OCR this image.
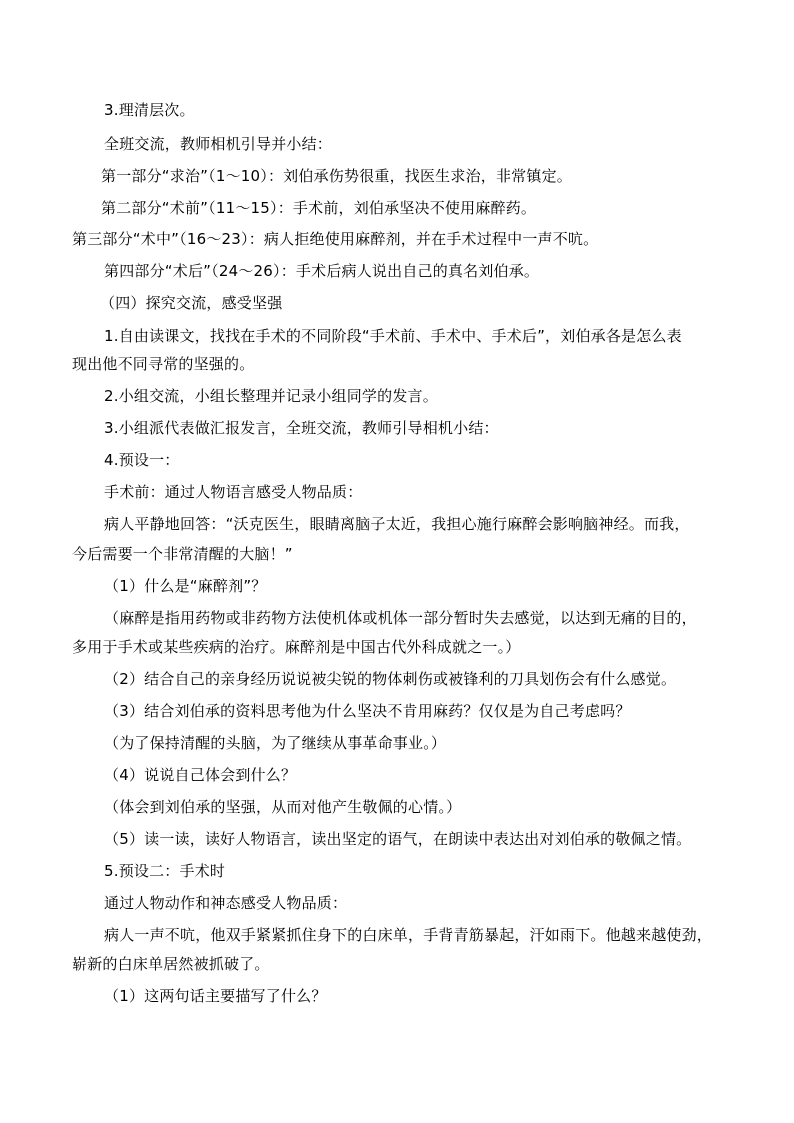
3.理清层次。
全班交流，教师相机引导并小结：
第一部分“求治”（1～10）：刘伯承伤势很重，找医生求治，非常镇定。
第二部分“术前”（11～15）：手术前，刘伯承坚决不使用麻醉药。
第三部分“术中”（16～23）：病人拒绝使用麻醉剂，并在手术过程中一声不吭。
第四部分“术后”（24～26）：手术后病人说出自己的真名刘伯承。
（四）探究交流，感受坚强
1.自由读课文，找找在手术的不同阶段“手术前、手术中、手术后”，刘伯承各是怎么表
现出他不同寻常的坚强的。
2.小组交流，小组长整理并记录小组同学的发言。
3.小组派代表做汇报发言，全班交流，教师引导相机小结：
4.预设一：
手术前：通过人物语言感受人物品质：
病人平静地回答：“沃克医生，眼睛离脑子太近，我担心施行麻醉会影响脑神经。而我，
今后需要一个非常清醒的大脑！”
（1）什么是“麻醉剂”？
（麻醉是指用药物或非药物方法使机体或机体一部分暂时失去感觉，以达到无痛的目的，
多用于手术或某些疾病的治疗。麻醉剂是中国古代外科成就之一。）
（2）结合自己的亲身经历说说被尖锐的物体刺伤或被锋利的刀具划伤会有什么感觉。
（3）结合刘伯承的资料思考他为什么坚决不肯用麻药？仅仅是为自己考虑吗？
（为了保持清醒的头脑，为了继续从事革命事业。）
（4）说说自己体会到什么？
（体会到刘伯承的坚强，从而对他产生敬佩的心情。）
（5）读一读，读好人物语言，读出坚定的语气，在朗读中表达出对刘伯承的敬佩之情。
5.预设二：手术时
通过人物动作和神态感受人物品质：
病人一声不吭，他双手紧紧抓住身下的白床单，手背青筋暴起，汗如雨下。他越来越使劲，
崭新的白床单居然被抓破了。
（1）这两句话主要描写了什么？
